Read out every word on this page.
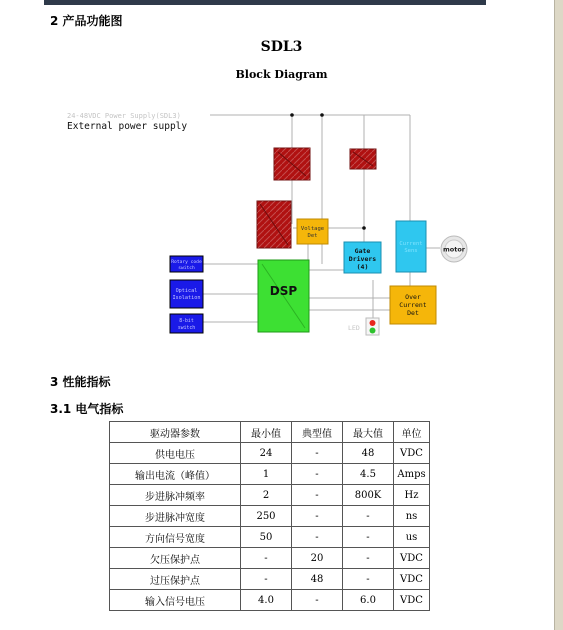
2 产品功能图
SDL3
Block Diagram
24-48VDC Power Supply(SDL3)
External power supply
Voltage
Det
Gate
Drivers
(4)
Current
Sens	motor
DSP	Over
Current
Det
Rotary code
switch
Optical
Isolation
8-bit
switch	LED
3 性能指标
3.1 电气指标
驱动器参数	最小值	典型值	最大值	单位
供电电压	24	-	48	VDC
输出电流（峰值）	1	-	4.5	Amps
步进脉冲频率	2	-	800K	Hz
步进脉冲宽度	250	-	-	ns
方向信号宽度	50	-	-	us
欠压保护点	-	20	-	VDC
过压保护点	-	48	-	VDC
输入信号电压	4.0	-	6.0	VDC
